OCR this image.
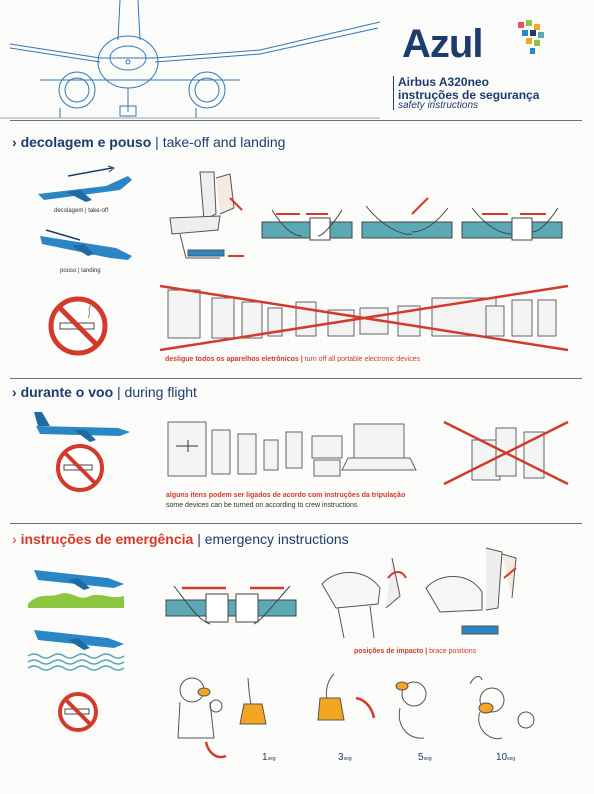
Azul
Airbus A320neo
instruções de segurança
safety instructions
› decolagem e pouso | take-off and landing
decolagem | take-off
pouso | landing
desligue todos os aparelhos eletrônicos | turn off all portable electronic devices
› durante o voo | during flight
alguns itens podem ser ligados de acordo com instruções da tripulação
some devices can be turned on according to crew instructions
› instruções de emergência | emergency instructions
posições de impacto | brace positions
1seg	3seg	5seg	10seg
